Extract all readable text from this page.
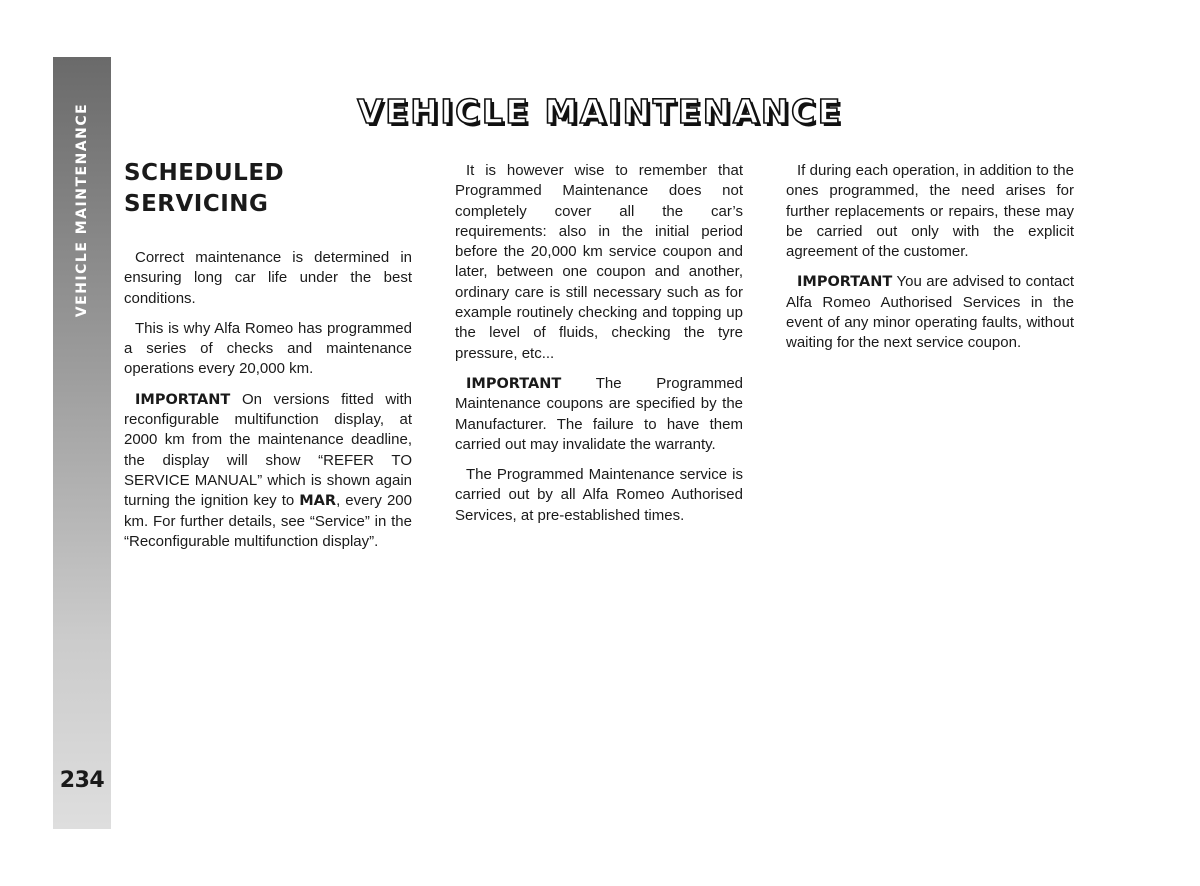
VEHICLE MAINTENANCE
234
VEHICLE MAINTENANCE
SCHEDULED
SERVICING

Correct maintenance is determined in ensuring long car life under the best conditions.

This is why Alfa Romeo has programmed a series of checks and maintenance operations every 20,000 km.

IMPORTANT On versions fitted with reconfigurable multifunction display, at 2000 km from the maintenance deadline, the display will show “REFER TO SERVICE MANUAL” which is shown again turning the ignition key to MAR, every 200 km. For further details, see “Service” in the “Reconfigurable multifunction display”.

It is however wise to remember that Programmed Maintenance does not completely cover all the car’s requirements: also in the initial period before the 20,000 km service coupon and later, between one coupon and another, ordinary care is still necessary such as for example routinely checking and topping up the level of fluids, checking the tyre pressure, etc...

IMPORTANT The Programmed Maintenance coupons are specified by the Manufacturer. The failure to have them carried out may invalidate the warranty.

The Programmed Maintenance service is carried out by all Alfa Romeo Authorised Services, at pre-established times.

If during each operation, in addition to the ones programmed, the need arises for further replacements or repairs, these may be carried out only with the explicit agreement of the customer.

IMPORTANT You are advised to contact Alfa Romeo Authorised Services in the event of any minor operating faults, without waiting for the next service coupon.
